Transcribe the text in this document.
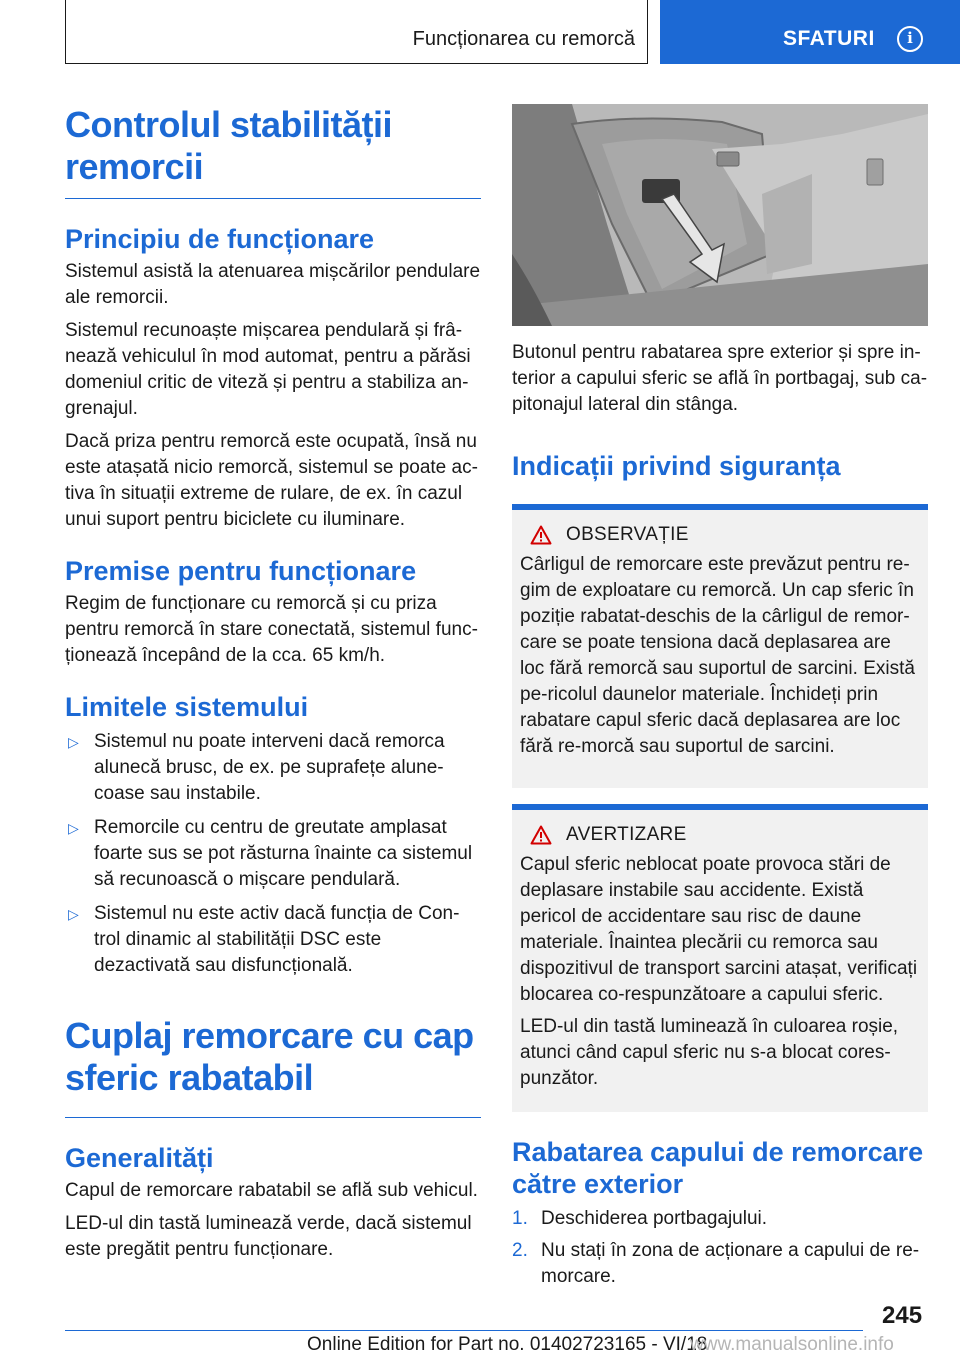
Funcționarea cu remorcă	SFATURI	i
Controlul stabilității remorcii
Principiu de funcționare

Sistemul asistă la atenuarea mișcărilor pendulare ale remorcii.

Sistemul recunoaște mișcarea pendulară și frâ-nează vehiculul în mod automat, pentru a părăsi domeniul critic de viteză și pentru a stabiliza an-grenajul.

Dacă priza pentru remorcă este ocupată, însă nu este atașată nicio remorcă, sistemul se poate ac-tiva în situații extreme de rulare, de ex. în cazul unui suport pentru biciclete cu iluminare.

Premise pentru funcționare

Regim de funcționare cu remorcă și cu priza pentru remorcă în stare conectată, sistemul func-ționează începând de la cca. 65 km/h.

Limitele sistemului
▷ Sistemul nu poate interveni dacă remorca alunecă brusc, de ex. pe suprafețe alune-coase sau instabile.
▷ Remorcile cu centru de greutate amplasat foarte sus se pot răsturna înainte ca sistemul să recunoască o mișcare pendulară.
▷ Sistemul nu este activ dacă funcția de Con-trol dinamic al stabilității DSC este dezactivată sau disfuncțională.
Cuplaj remorcare cu cap sferic rabatabil
Generalități

Capul de remorcare rabatabil se află sub vehicul.

LED-ul din tastă luminează verde, dacă sistemul este pregătit pentru funcționare.

Butonul pentru rabatarea spre exterior și spre in-terior a capului sferic se află în portbagaj, sub ca-pitonajul lateral din stânga.

Indicații privind siguranța
OBSERVAȚIE

Cârligul de remorcare este prevăzut pentru re-gim de exploatare cu remorcă. Un cap sferic în poziție rabatat-deschis de la cârligul de remor-care se poate tensiona dacă deplasarea are loc fără remorcă sau suportul de sarcini. Există pe-ricolul daunelor materiale. Închideți prin rabatare capul sferic dacă deplasarea are loc fără re-morcă sau suportul de sarcini.

AVERTIZARE

Capul sferic neblocat poate provoca stări de deplasare instabile sau accidente. Există pericol de accidentare sau risc de daune materiale. Înaintea plecării cu remorca sau dispozitivul de transport sarcini atașat, verificați blocarea co-respunzătoare a capului sferic.

LED-ul din tastă luminează în culoarea roșie, atunci când capul sferic nu s-a blocat cores-punzător.

Rabatarea capului de remorcare către exterior
1. Deschiderea portbagajului.
2. Nu stați în zona de acționare a capului de re-morcare.
245
Online Edition for Part no. 01402723165 - VI/18
www.manualsonline.info
